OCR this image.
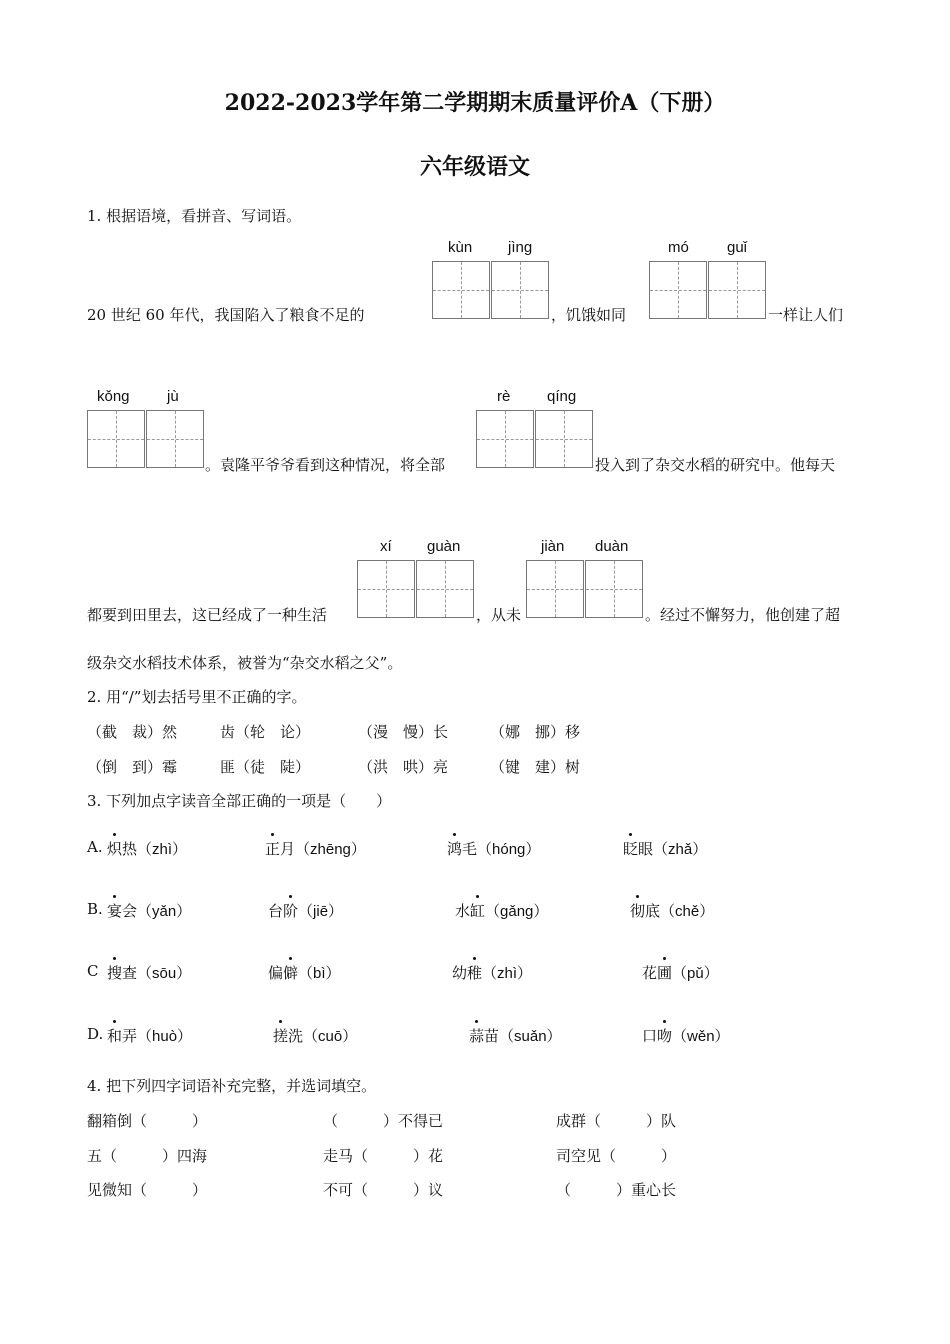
2022-2023学年第二学期期末质量评价A（下册）
六年级语文
1. 根据语境，看拼音、写词语。
20 世纪 60 年代，我国陷入了粮食不足的
kùn jìng
，饥饿如同
mó	guǐ
一样让人们
kǒng jù
。袁隆平爷爷看到这种情况，将全部
rè qíng
投入到了杂交水稻的研究中。他每天
都要到田里去，这已经成了一种生活
xí guàn
，从未
jiàn duàn
。经过不懈努力，他创建了超
级杂交水稻技术体系，被誉为“杂交水稻之父”。
2. 用“/”划去括号里不正确的字。
（截　裁）然	齿（轮　论）	（漫　慢）长	（娜　挪）移
（倒　到）霉	匪（徒　陡）	（洪　哄）亮	（键　建）树
3. 下列加点字读音全部正确的一项是（　　）
A. 炽热（zhì）	正月（zhēng）	鸿毛（hóng）	眨眼（zhǎ）
B. 宴会（yǎn）	台阶（jiē）	水缸（gǎng）	彻底（chě）
C 搜查（sōu）	偏僻（bì）	幼稚（zhì）	花圃（pǔ）
D. 和弄（huò）	搓洗（cuō）	蒜苗（suǎn）	口吻（wěn）
4. 把下列四字词语补充完整，并选词填空。
翻箱倒（　　　）	（　　　）不得已	成群（　　　）队
五（　　　）四海	走马（　　　）花	司空见（　　　）
见微知（　　　）	不可（　　　）议	（　　　）重心长
